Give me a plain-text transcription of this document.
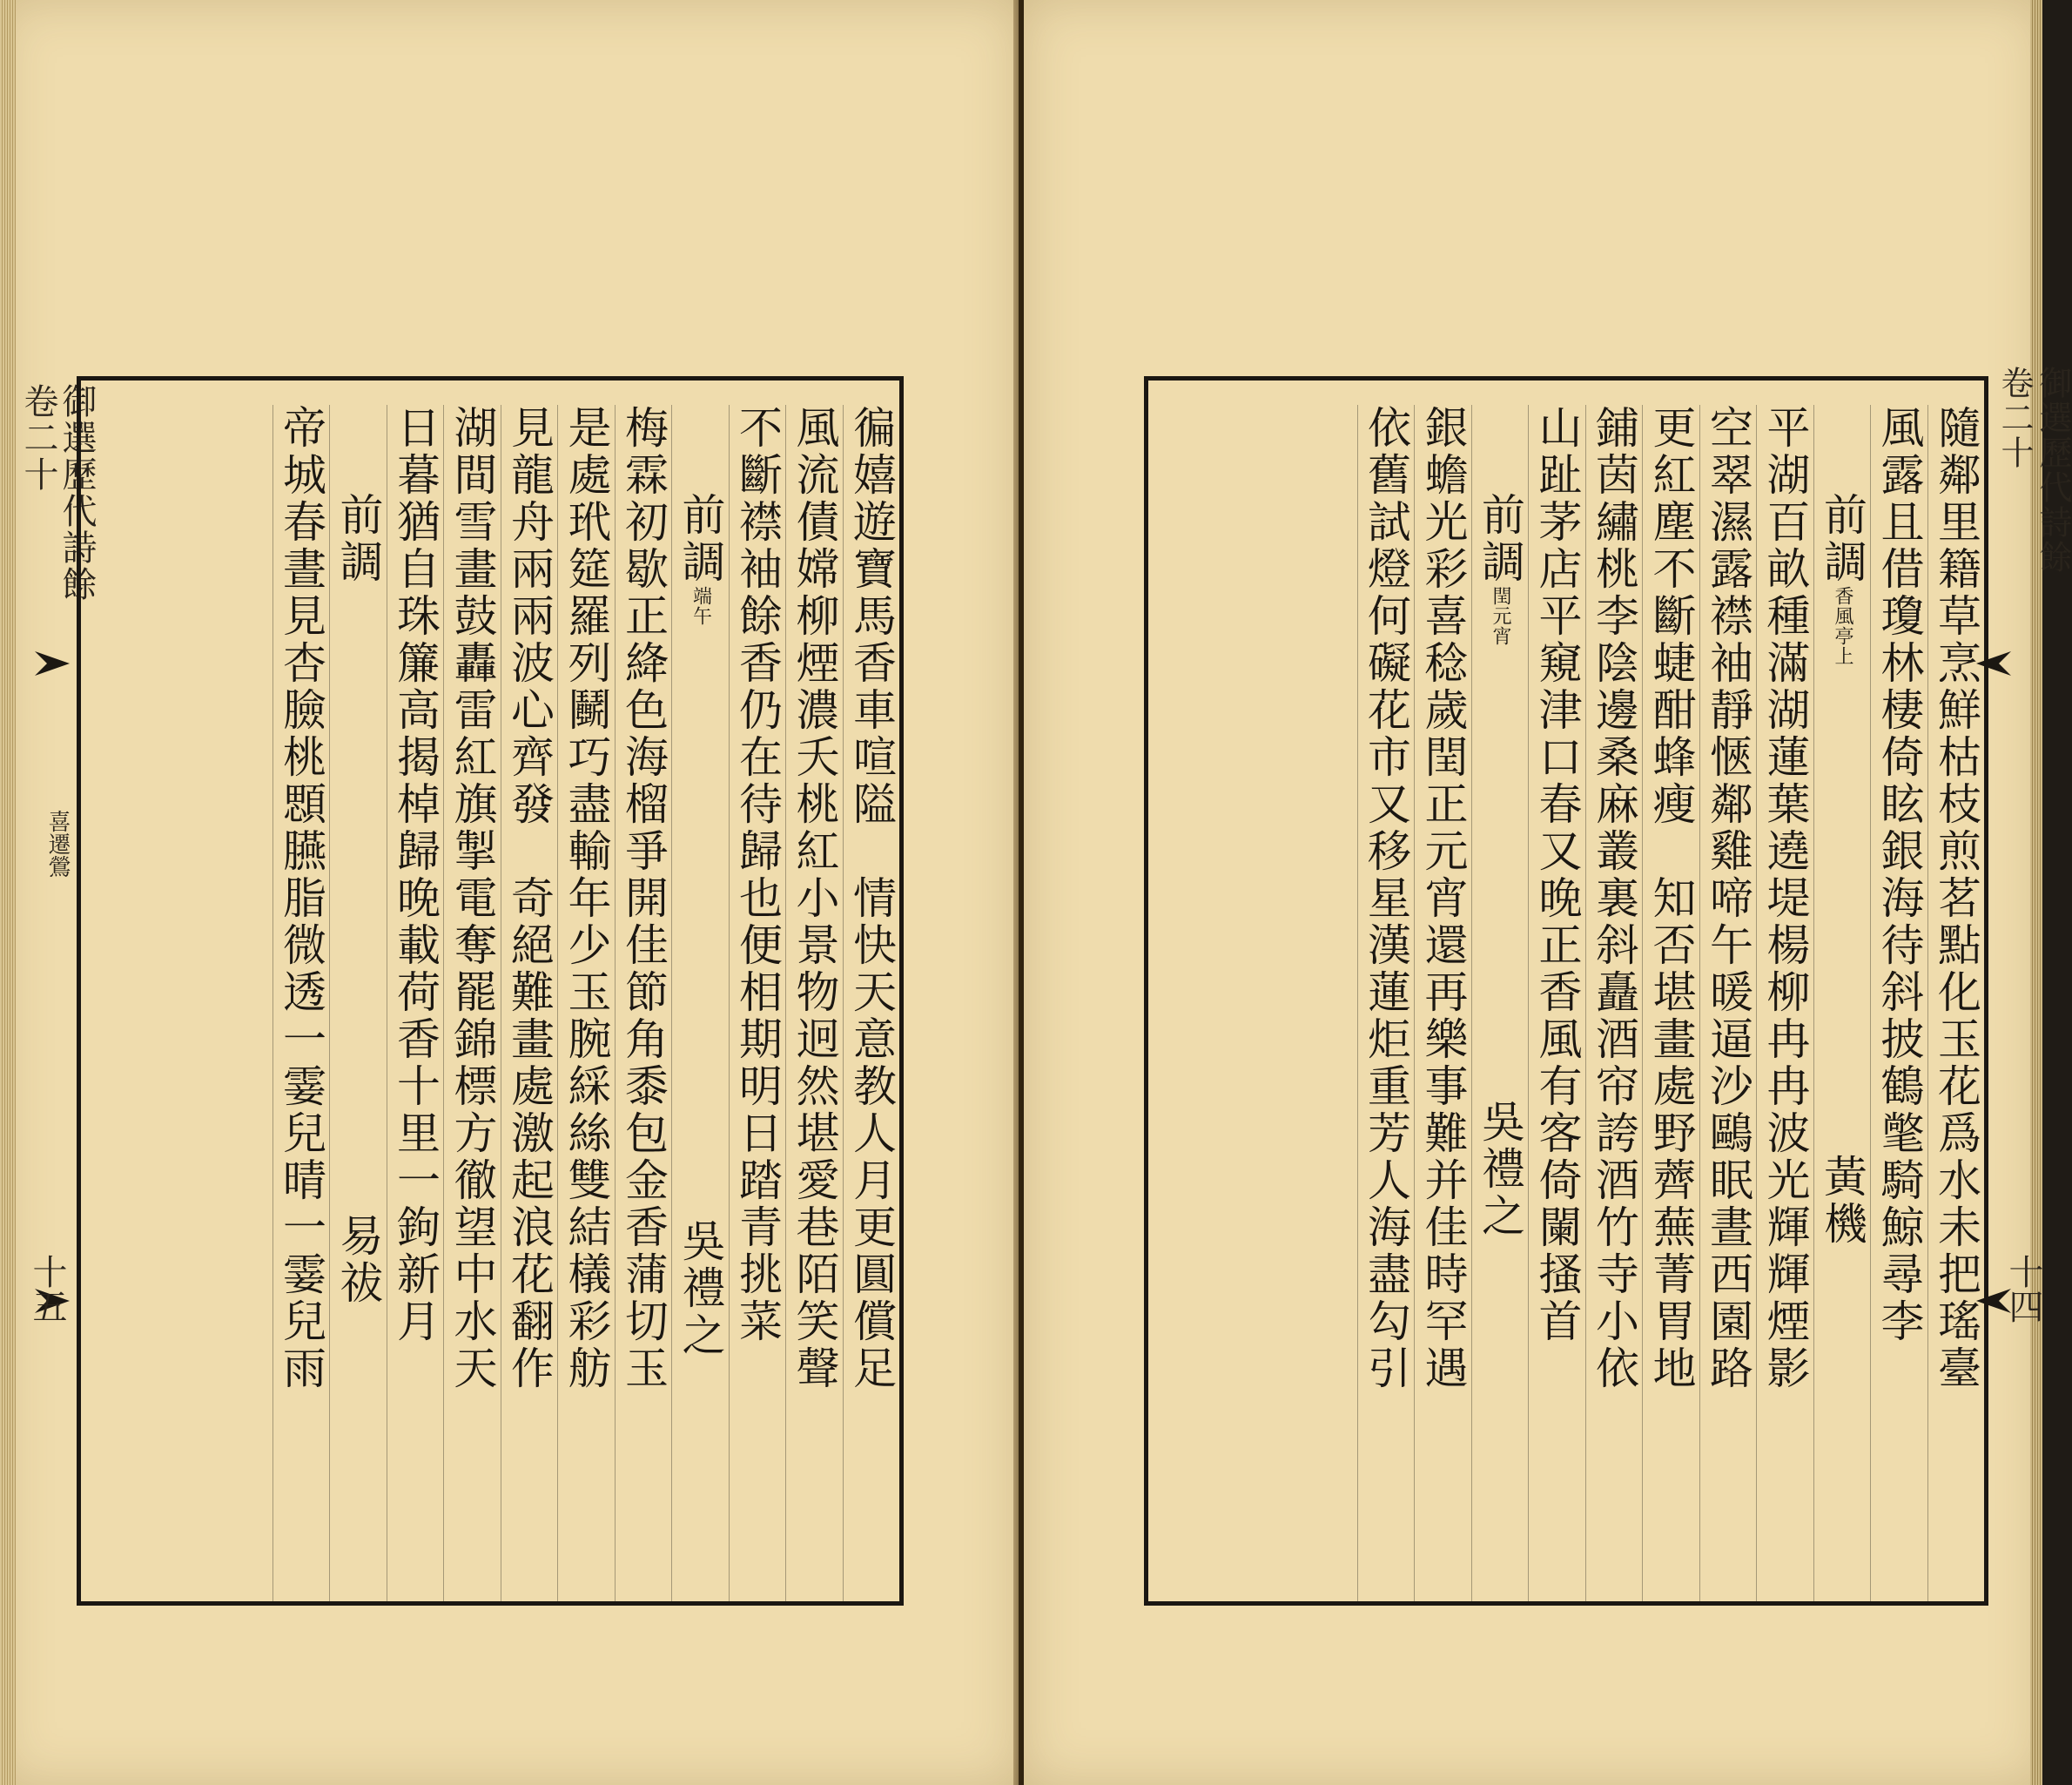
御選歷代詩餘
卷二十
喜遷鶯
十五	徧嬉遊寶馬香車喧隘　情快天意教人月更圓償足
風流債嫦柳煙濃夭桃紅小景物迥然堪愛巷陌笑聲
不斷襟袖餘香仍在待歸也便相期明日踏青挑菜
前調端午吳禮之
梅霖初歇正絳色海榴爭開佳節角黍包金香蒲切玉
是處玳筵羅列鬭巧盡輸年少玉腕綵絲雙結檥彩舫
見龍舟兩兩波心齊發　奇絕難畫處激起浪花翻作
湖間雪畫鼓轟雷紅旗掣電奪罷錦標方徹望中水天
日暮猶自珠簾高揭棹歸晚載荷香十里一鉤新月
前調易祓
帝城春晝見杏臉桃顋臙脂微透一霎兒晴一霎兒雨	御選歷代詩餘
卷二十
十四
隨鄰里籍草烹鮮枯枝煎茗點化玉花爲水未把瑤臺
風露且借瓊林棲倚眩銀海待斜披鶴氅騎鯨尋李
前調香風亭上黃機
平湖百畝種滿湖蓮葉遶堤楊柳冉冉波光輝輝煙影
空翠濕露襟袖靜愜鄰雞啼午暖逼沙鷗眠晝西園路
更紅塵不斷蜨酣蜂瘦　知否堪畫處野薺蕪菁胃地
鋪茵繡桃李陰邊桑麻叢裏斜矗酒帘誇酒竹寺小依
山趾茅店平窺津口春又晚正香風有客倚闌搔首
前調閏元宵吳禮之
銀蟾光彩喜稔歲閏正元宵還再樂事難并佳時罕遇
依舊試燈何礙花市又移星漢蓮炬重芳人海盡勾引
